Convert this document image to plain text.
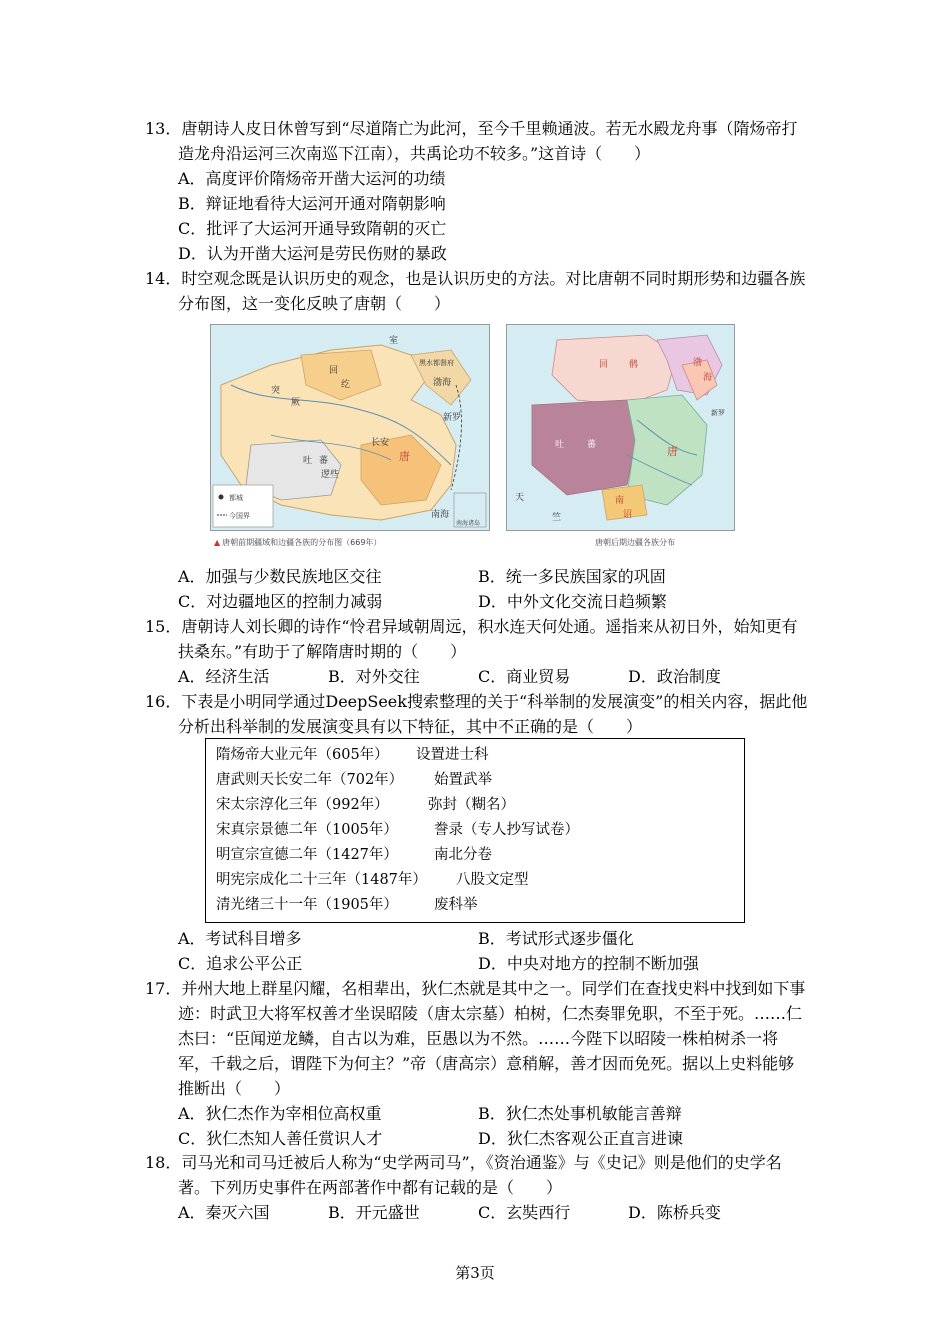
13．唐朝诗人皮日休曾写到“尽道隋亡为此河，至今千里赖通波。若无水殿龙舟事（隋炀帝打造龙舟沿运河三次南巡下江南），共禹论功不较多。”这首诗（　　）
A．高度评价隋炀帝开凿大运河的功绩
B．辩证地看待大运河开通对隋朝影响
C．批评了大运河开通导致隋朝的灭亡
D．认为开凿大运河是劳民伤财的暴政
14．时空观念既是认识历史的观念，也是认识历史的方法。对比唐朝不同时期形势和边疆各族分布图，这一变化反映了唐朝（　　）
室
回
纥
突
厥
吐 蕃
长安
唐
逻些
南海
黑水都督府
渤海
新罗
都城
今国界
南海诸岛
回 鹘
吐	蕃	唐
南
诏
渤
海
天
竺
新罗
▲ 唐朝前期疆域和边疆各族的分布图（669年）	唐朝后期边疆各族分布
A．加强与少数民族地区交往	B．统一多民族国家的巩固
C．对边疆地区的控制力减弱	D．中外文化交流日趋频繁
15．唐朝诗人刘长卿的诗作“怜君异域朝周远，积水连天何处通。遥指来从初日外，始知更有扶桑东。”有助于了解隋唐时期的（　　）
A．经济生活	B．对外交往	C．商业贸易	D．政治制度
16．下表是小明同学通过DeepSeek搜索整理的关于“科举制的发展演变”的相关内容，据此他分析出科举制的发展演变具有以下特征，其中不正确的是（　　）
隋炀帝大业元年（605年） 设置进士科
唐武则天长安二年（702年） 始置武举
宋太宗淳化三年（992年）	弥封（糊名）
宋真宗景德二年（1005年） 誊录（专人抄写试卷）
明宣宗宣德二年（1427年） 南北分卷
明宪宗成化二十三年（1487年） 八股文定型
清光绪三十一年（1905年） 废科举
A．考试科目增多	B．考试形式逐步僵化
C．追求公平公正	D．中央对地方的控制不断加强
17．并州大地上群星闪耀，名相辈出，狄仁杰就是其中之一。同学们在查找史料中找到如下事迹：时武卫大将军权善才坐误昭陵（唐太宗墓）柏树，仁杰奏罪免职，不至于死。……仁杰曰：“臣闻逆龙鳞，自古以为难，臣愚以为不然。……今陛下以昭陵一株柏树杀一将军，千载之后，谓陛下为何主？”帝（唐高宗）意稍解，善才因而免死。据以上史料能够推断出（　　）
A．狄仁杰作为宰相位高权重	B．狄仁杰处事机敏能言善辩
C．狄仁杰知人善任赏识人才	D．狄仁杰客观公正直言进谏
18．司马光和司马迁被后人称为“史学两司马”，《资治通鉴》与《史记》则是他们的史学名著。下列历史事件在两部著作中都有记载的是（　　）
A．秦灭六国	B．开元盛世	C．玄奘西行	D．陈桥兵变
第3页
